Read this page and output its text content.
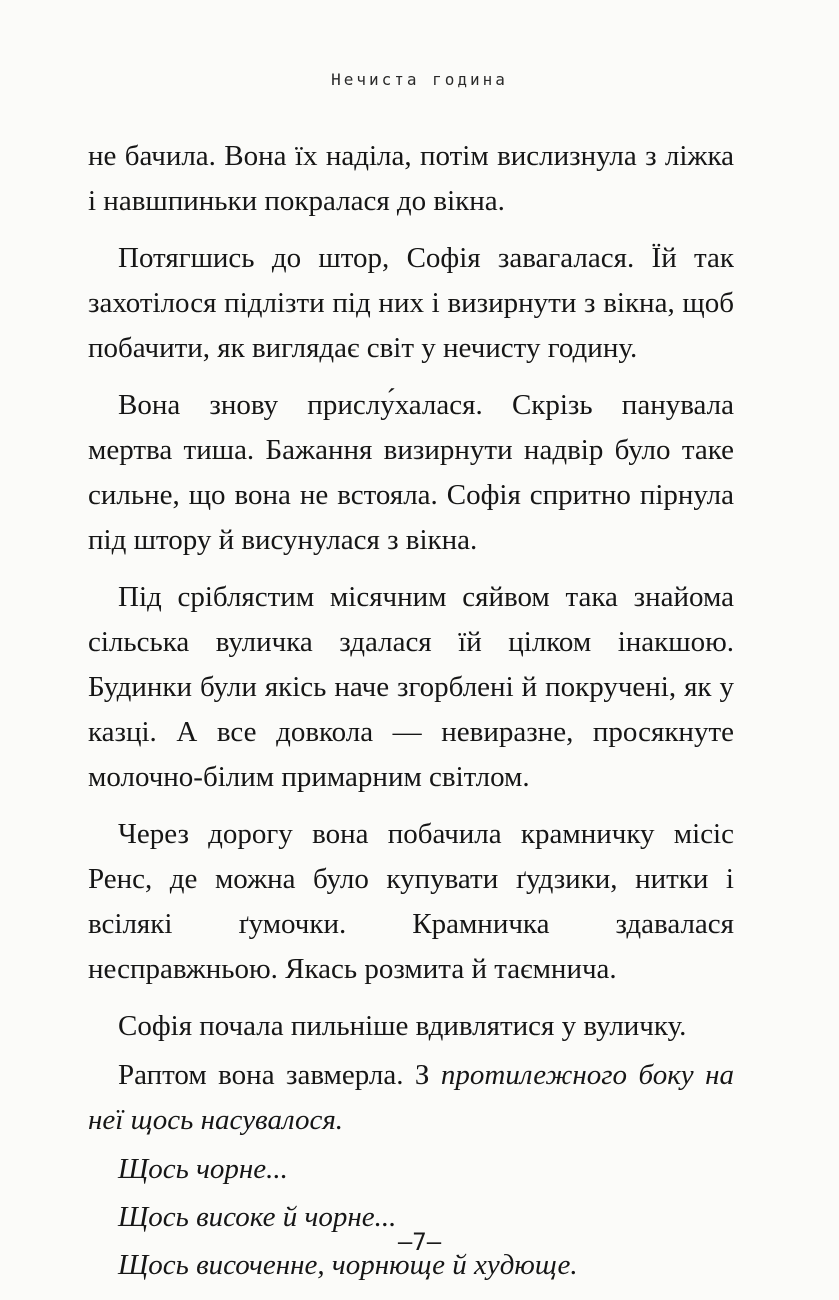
Нечиста година

не бачила. Вона їх наділа, потім вислизнула з ліжка і навшпиньки покралася до вікна.

Потягшись до штор, Софія завагалася. Їй так захотілося підлізти під них і визирнути з вікна, щоб побачити, як виглядає світ у нечисту годину.

Вона знову прислу́халася. Скрізь панувала мертва тиша. Бажання визирнути надвір було таке сильне, що вона не встояла. Софія спритно пірнула під штору й висунулася з вікна.

Під сріблястим місячним сяйвом така знайома сільська вуличка здалася їй цілком інакшою. Будинки були якісь наче згорблені й покручені, як у казці. А все довкола — невиразне, просякнуте молочно-білим примарним світлом.

Через дорогу вона побачила крамничку місіс Ренс, де можна було купувати ґудзики, нитки і всілякі ґумочки. Крамничка здавалася несправжньою. Якась розмита й таємнича.

Софія почала пильніше вдивлятися у вуличку.

Раптом вона завмерла. З протилежного боку на неї щось насувалося.

Щось чорне...

Щось високе й чорне...

Щось височенне, чорнюще й худюще.

—7—
